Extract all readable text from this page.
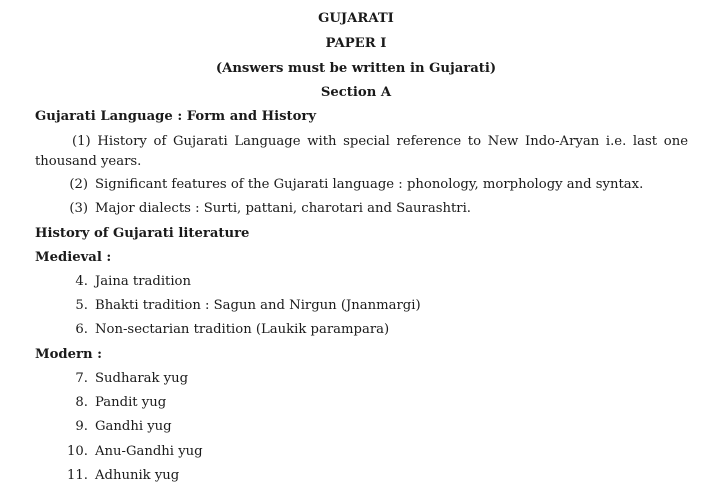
GUJARATI
PAPER I
(Answers must be written in Gujarati)
Section A
Gujarati Language : Form and History

(1) History of Gujarati Language with special reference to New Indo-Aryan i.e. last one thousand years.

(2) Significant features of the Gujarati language : phonology, morphology and syntax.
(3) Major dialects : Surti, pattani, charotari and Saurashtri.
History of Gujarati literature
Medieval :
4. Jaina tradition
5. Bhakti tradition : Sagun and Nirgun (Jnanmargi)
6. Non-sectarian tradition (Laukik parampara)
Modern :
7. Sudharak yug
8. Pandit yug
9. Gandhi yug
10. Anu-Gandhi yug
11. Adhunik yug
